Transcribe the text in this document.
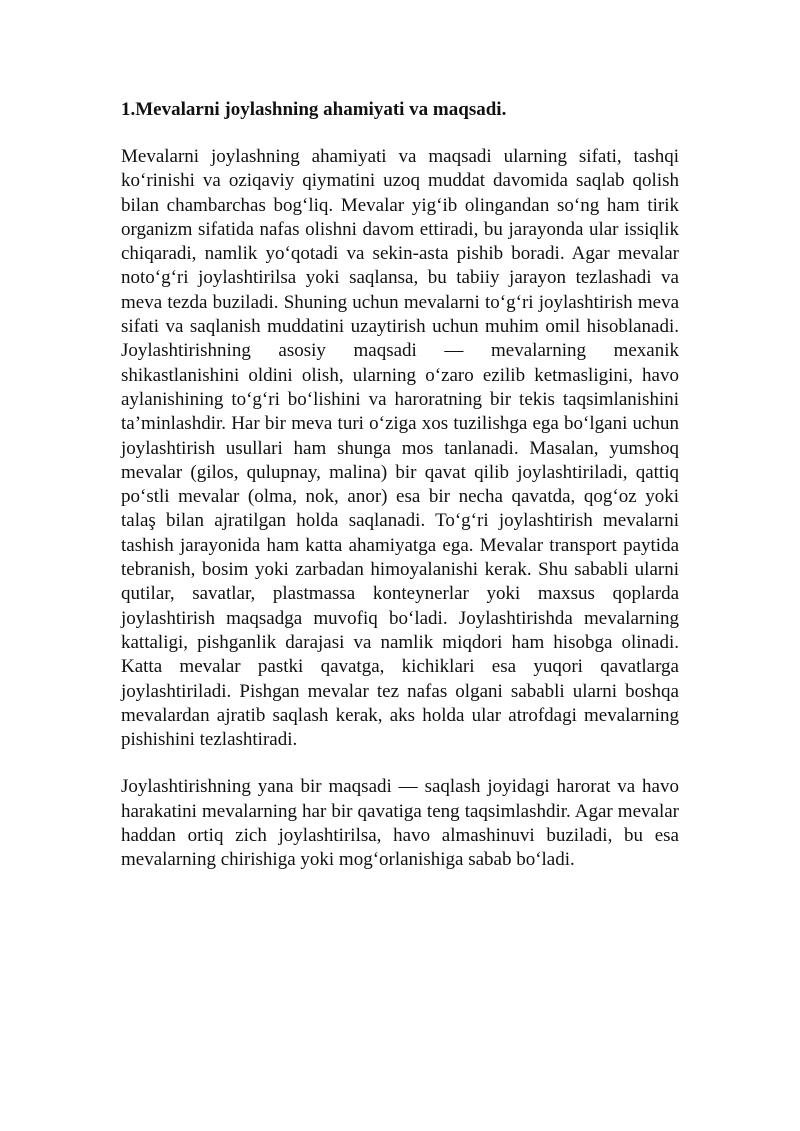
1.Mevalarni joylashning ahamiyati va maqsadi.

Mevalarni joylashning ahamiyati va maqsadi ularning sifati, tashqi ko‘rinishi va oziqaviy qiymatini uzoq muddat davomida saqlab qolish bilan chambarchas bog‘liq. Mevalar yig‘ib olingandan so‘ng ham tirik organizm sifatida nafas olishni davom ettiradi, bu jarayonda ular issiqlik chiqaradi, namlik yo‘qotadi va sekin-asta pishib boradi. Agar mevalar noto‘g‘ri joylashtirilsa yoki saqlansa, bu tabiiy jarayon tezlashadi va meva tezda buziladi. Shuning uchun mevalarni to‘g‘ri joylashtirish meva sifati va saqlanish muddatini uzaytirish uchun muhim omil hisoblanadi. Joylashtirishning asosiy maqsadi — mevalarning mexanik shikastlanishini oldini olish, ularning o‘zaro ezilib ketmasligini, havo aylanishining to‘g‘ri bo‘lishini va haroratning bir tekis taqsimlanishini ta’minlashdir. Har bir meva turi o‘ziga xos tuzilishga ega bo‘lgani uchun joylashtirish usullari ham shunga mos tanlanadi. Masalan, yumshoq mevalar (gilos, qulupnay, malina) bir qavat qilib joylashtiriladi, qattiq po‘stli mevalar (olma, nok, anor) esa bir necha qavatda, qog‘oz yoki talaş bilan ajratilgan holda saqlanadi. To‘g‘ri joylashtirish mevalarni tashish jarayonida ham katta ahamiyatga ega. Mevalar transport paytida tebranish, bosim yoki zarbadan himoyalanishi kerak. Shu sababli ularni qutilar, savatlar, plastmassa konteynerlar yoki maxsus qoplarda joylashtirish maqsadga muvofiq bo‘ladi. Joylashtirishda mevalarning kattaligi, pishganlik darajasi va namlik miqdori ham hisobga olinadi. Katta mevalar pastki qavatga, kichiklari esa yuqori qavatlarga joylashtiriladi. Pishgan mevalar tez nafas olgani sababli ularni boshqa mevalardan ajratib saqlash kerak, aks holda ular atrofdagi mevalarning pishishini tezlashtiradi.

Joylashtirishning yana bir maqsadi — saqlash joyidagi harorat va havo harakatini mevalarning har bir qavatiga teng taqsimlashdir. Agar mevalar haddan ortiq zich joylashtirilsa, havo almashinuvi buziladi, bu esa mevalarning chirishiga yoki mog‘orlanishiga sabab bo‘ladi.
